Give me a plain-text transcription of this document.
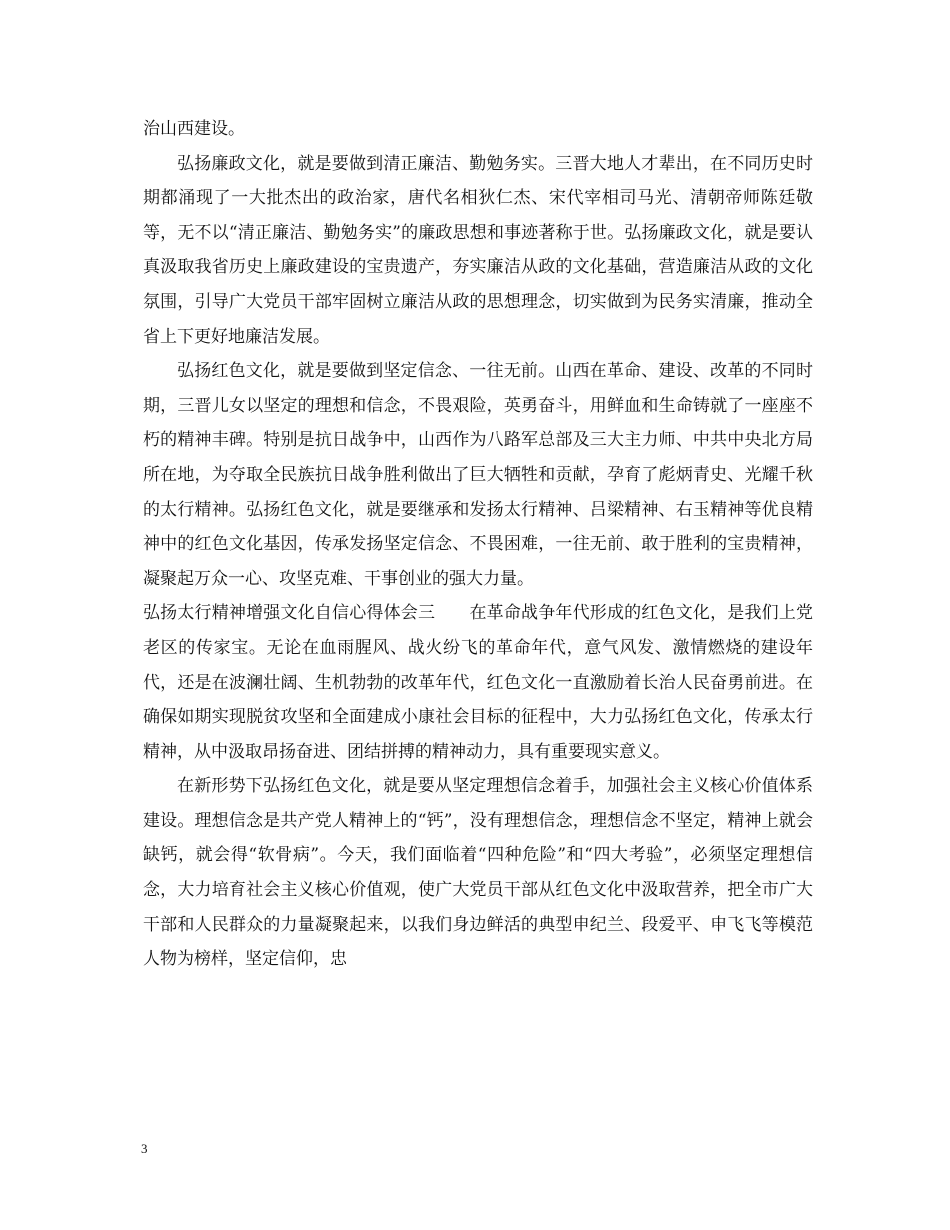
治山西建设。

弘扬廉政文化，就是要做到清正廉洁、勤勉务实。三晋大地人才辈出，在不同历史时期都涌现了一大批杰出的政治家，唐代名相狄仁杰、宋代宰相司马光、清朝帝师陈廷敬等，无不以“清正廉洁、勤勉务实”的廉政思想和事迹著称于世。弘扬廉政文化，就是要认真汲取我省历史上廉政建设的宝贵遗产，夯实廉洁从政的文化基础，营造廉洁从政的文化氛围，引导广大党员干部牢固树立廉洁从政的思想理念，切实做到为民务实清廉，推动全省上下更好地廉洁发展。

弘扬红色文化，就是要做到坚定信念、一往无前。山西在革命、建设、改革的不同时期，三晋儿女以坚定的理想和信念，不畏艰险，英勇奋斗，用鲜血和生命铸就了一座座不朽的精神丰碑。特别是抗日战争中，山西作为八路军总部及三大主力师、中共中央北方局所在地，为夺取全民族抗日战争胜利做出了巨大牺牲和贡献，孕育了彪炳青史、光耀千秋的太行精神。弘扬红色文化，就是要继承和发扬太行精神、吕梁精神、右玉精神等优良精神中的红色文化基因，传承发扬坚定信念、不畏困难，一往无前、敢于胜利的宝贵精神，凝聚起万众一心、攻坚克难、干事创业的强大力量。

弘扬太行精神增强文化自信心得体会三　　在革命战争年代形成的红色文化，是我们上党老区的传家宝。无论在血雨腥风、战火纷飞的革命年代，意气风发、激情燃烧的建设年代，还是在波澜壮阔、生机勃勃的改革年代，红色文化一直激励着长治人民奋勇前进。在确保如期实现脱贫攻坚和全面建成小康社会目标的征程中，大力弘扬红色文化，传承太行精神，从中汲取昂扬奋进、团结拼搏的精神动力，具有重要现实意义。

在新形势下弘扬红色文化，就是要从坚定理想信念着手，加强社会主义核心价值体系建设。理想信念是共产党人精神上的“钙”，没有理想信念，理想信念不坚定，精神上就会缺钙，就会得“软骨病”。今天，我们面临着“四种危险”和“四大考验”，必须坚定理想信念，大力培育社会主义核心价值观，使广大党员干部从红色文化中汲取营养，把全市广大干部和人民群众的力量凝聚起来，以我们身边鲜活的典型申纪兰、段爱平、申飞飞等模范人物为榜样，坚定信仰，忠

3
